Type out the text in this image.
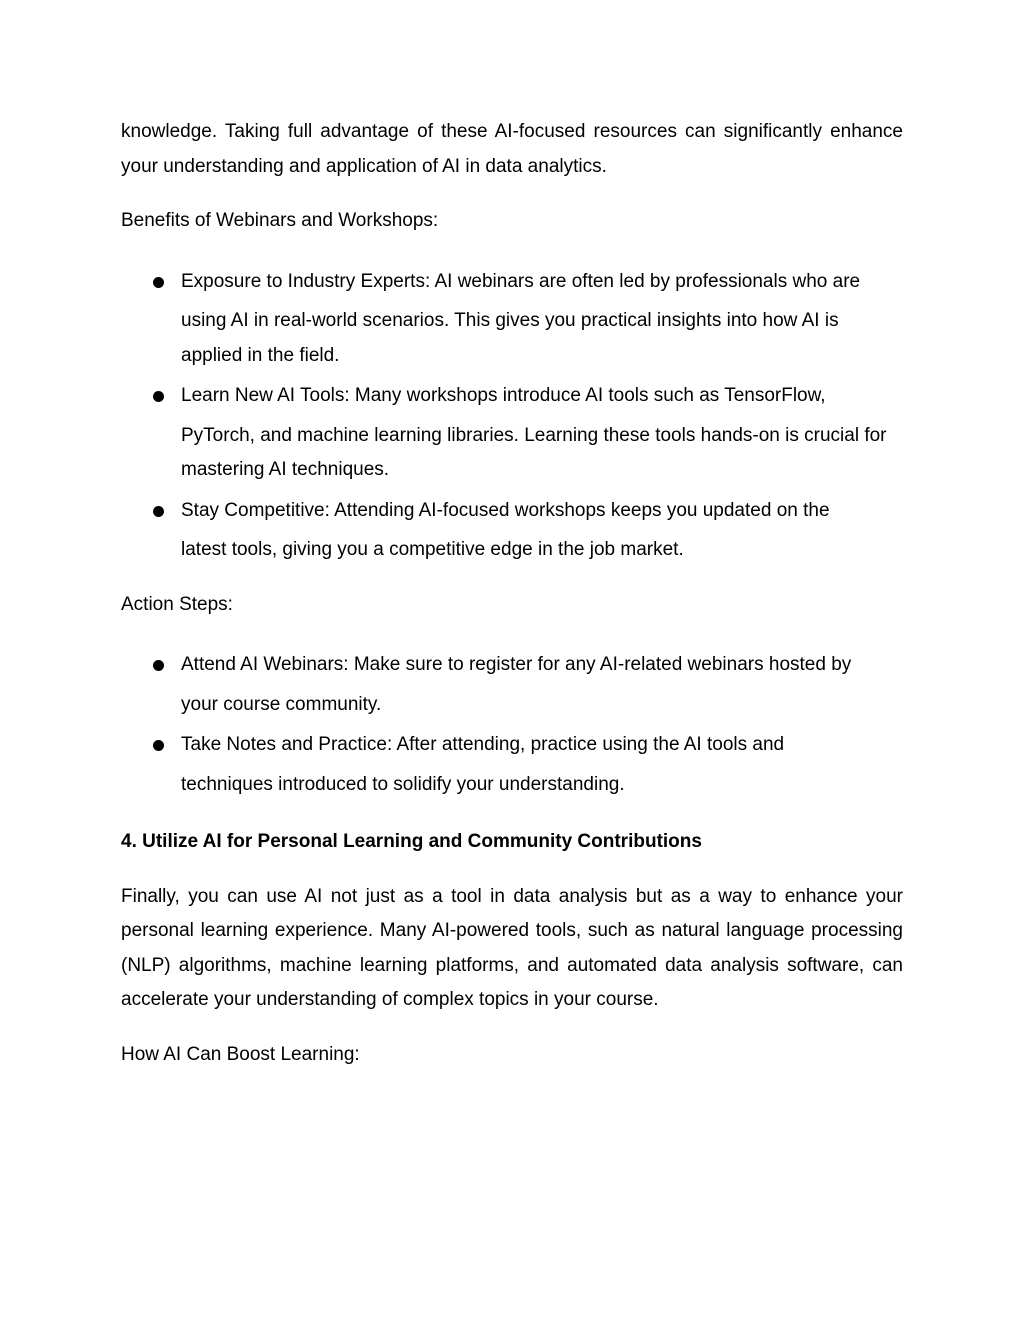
knowledge. Taking full advantage of these AI-focused resources can significantly enhance your understanding and application of AI in data analytics.

Benefits of Webinars and Workshops:

Exposure to Industry Experts: AI webinars are often led by professionals who are
using AI in real-world scenarios. This gives you practical insights into how AI is applied in the field.
Learn New AI Tools: Many workshops introduce AI tools such as TensorFlow,
PyTorch, and machine learning libraries. Learning these tools hands-on is crucial for mastering AI techniques.
Stay Competitive: Attending AI-focused workshops keeps you updated on the
latest tools, giving you a competitive edge in the job market.

Action Steps:

Attend AI Webinars: Make sure to register for any AI-related webinars hosted by
your course community.
Take Notes and Practice: After attending, practice using the AI tools and
techniques introduced to solidify your understanding.
4. Utilize AI for Personal Learning and Community Contributions

Finally, you can use AI not just as a tool in data analysis but as a way to enhance your personal learning experience. Many AI-powered tools, such as natural language processing (NLP) algorithms, machine learning platforms, and automated data analysis software, can accelerate your understanding of complex topics in your course.

How AI Can Boost Learning:
